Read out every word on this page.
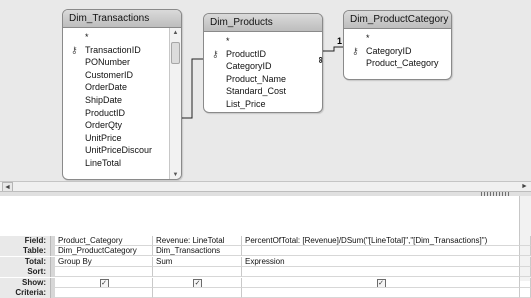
Dim_Transactions
*
⚷ TransactionID
PONumber
CustomerID
OrderDate
ShipDate
ProductID
OrderQty
UnitPrice
UnitPriceDiscour
LineTotal
▲
▼
Dim_Products
*
⚷ ProductID
CategoryID
Product_Name
Standard_Cost
List_Price
Dim_ProductCategory
*
⚷ CategoryID
Product_Category
∞
1
◄	►
Field:	Product_Category	Revenue: LineTotal	PercentOfTotal: [Revenue]/DSum("[LineTotal]","[Dim_Transactions]")
Table:	Dim_ProductCategory	Dim_Transactions
Total:	Group By	Sum	Expression
Sort:
Show:	✓	✓	✓
Criteria:
